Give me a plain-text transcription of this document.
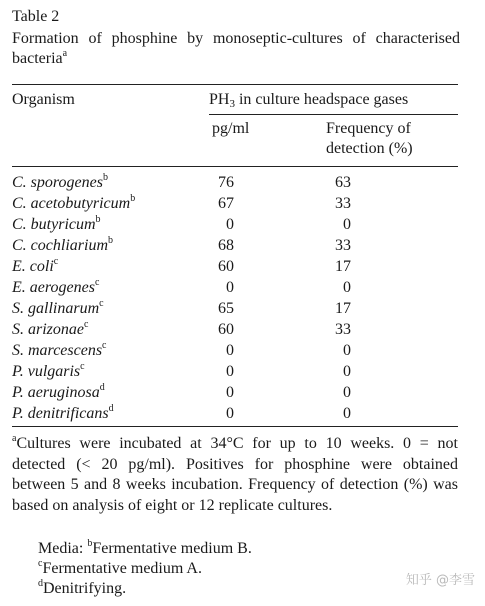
Table 2
Formation of phosphine by monoseptic-cultures of characterised bacteria$^a$
Organism	$PH_3$ in culture headspace gases
pg/ml	Frequency of
detection (%)
C. sporogenes$^b$	76	63
C. acetobutyricum$^b$	67	33
C. butyricum$^b$	0	0
C. cochliarium$^b$	68	33
E. coli$^c$	60	17
E. aerogenes$^c$	0	0
S. gallinarum$^c$	65	17
S. arizonae$^c$	60	33
S. marcescens$^c$	0	0
P. vulgaris$^c$	0	0
P. aeruginosa$^d$	0	0
P. denitrificans$^d$	0	0
$^a$Cultures were incubated at 34°C for up to 10 weeks. 0 = not detected (< 20 pg/ml). Positives for phosphine were obtained between 5 and 8 weeks incubation. Frequency of detection (%) was based on analysis of eight or 12 replicate cultures.
Media: $^b$Fermentative medium B.
$^c$Fermentative medium A.
$^d$Denitrifying.	知乎 @李雪
